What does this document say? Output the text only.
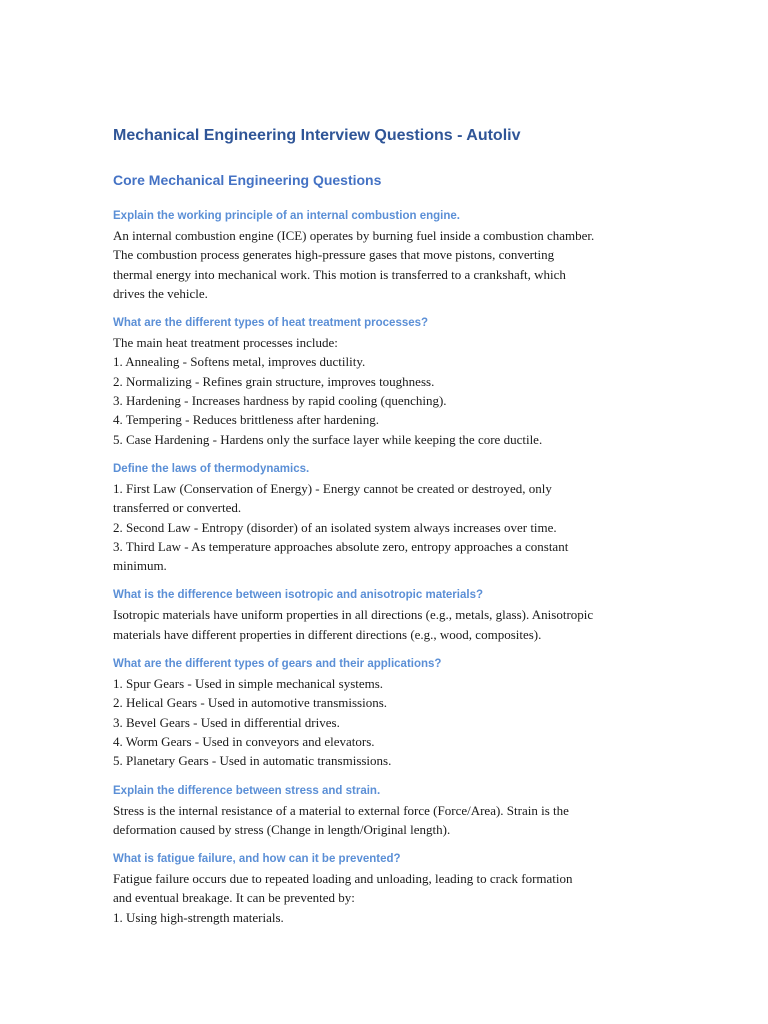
Mechanical Engineering Interview Questions - Autoliv
Core Mechanical Engineering Questions
Explain the working principle of an internal combustion engine.

An internal combustion engine (ICE) operates by burning fuel inside a combustion chamber.
The combustion process generates high-pressure gases that move pistons, converting
thermal energy into mechanical work. This motion is transferred to a crankshaft, which
drives the vehicle.

What are the different types of heat treatment processes?

The main heat treatment processes include:
1. Annealing - Softens metal, improves ductility.
2. Normalizing - Refines grain structure, improves toughness.
3. Hardening - Increases hardness by rapid cooling (quenching).
4. Tempering - Reduces brittleness after hardening.
5. Case Hardening - Hardens only the surface layer while keeping the core ductile.

Define the laws of thermodynamics.

1. First Law (Conservation of Energy) - Energy cannot be created or destroyed, only
transferred or converted.
2. Second Law - Entropy (disorder) of an isolated system always increases over time.
3. Third Law - As temperature approaches absolute zero, entropy approaches a constant
minimum.

What is the difference between isotropic and anisotropic materials?

Isotropic materials have uniform properties in all directions (e.g., metals, glass). Anisotropic
materials have different properties in different directions (e.g., wood, composites).

What are the different types of gears and their applications?

1. Spur Gears - Used in simple mechanical systems.
2. Helical Gears - Used in automotive transmissions.
3. Bevel Gears - Used in differential drives.
4. Worm Gears - Used in conveyors and elevators.
5. Planetary Gears - Used in automatic transmissions.

Explain the difference between stress and strain.

Stress is the internal resistance of a material to external force (Force/Area). Strain is the
deformation caused by stress (Change in length/Original length).

What is fatigue failure, and how can it be prevented?

Fatigue failure occurs due to repeated loading and unloading, leading to crack formation
and eventual breakage. It can be prevented by:
1. Using high-strength materials.
